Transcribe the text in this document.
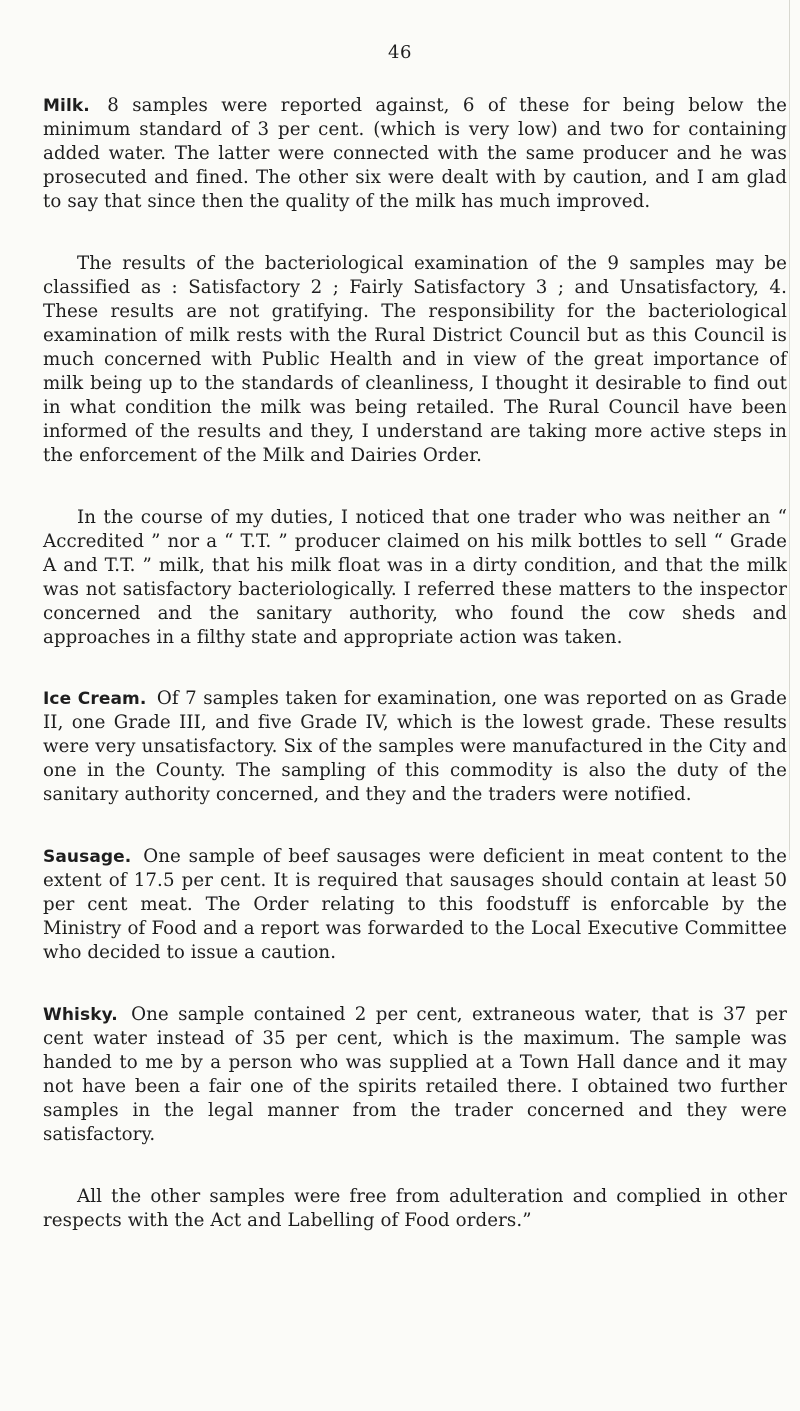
46

Milk. 8 samples were reported against, 6 of these for being below the minimum standard of 3 per cent. (which is very low) and two for containing added water. The latter were connected with the same producer and he was prosecuted and fined. The other six were dealt with by caution, and I am glad to say that since then the quality of the milk has much improved.

The results of the bacteriological examination of the 9 samples may be classified as : Satisfactory 2 ; Fairly Satisfactory 3 ; and Unsatisfactory, 4. These results are not gratifying. The responsibility for the bacteriological examination of milk rests with the Rural District Council but as this Council is much concerned with Public Health and in view of the great importance of milk being up to the standards of cleanliness, I thought it desirable to find out in what condition the milk was being retailed. The Rural Council have been informed of the results and they, I understand are taking more active steps in the enforcement of the Milk and Dairies Order.

In the course of my duties, I noticed that one trader who was neither an “ Accredited ” nor a “ T.T. ” producer claimed on his milk bottles to sell “ Grade A and T.T. ” milk, that his milk float was in a dirty condition, and that the milk was not satisfactory bacteriologically. I referred these matters to the inspector concerned and the sanitary authority, who found the cow sheds and approaches in a filthy state and appropriate action was taken.

Ice Cream. Of 7 samples taken for examination, one was reported on as Grade II, one Grade III, and five Grade IV, which is the lowest grade. These results were very unsatisfactory. Six of the samples were manufactured in the City and one in the County. The sampling of this commodity is also the duty of the sanitary authority concerned, and they and the traders were notified.

Sausage. One sample of beef sausages were deficient in meat content to the extent of 17.5 per cent. It is required that sausages should contain at least 50 per cent meat. The Order relating to this foodstuff is enforcable by the Ministry of Food and a report was forwarded to the Local Executive Committee who decided to issue a caution.

Whisky. One sample contained 2 per cent, extraneous water, that is 37 per cent water instead of 35 per cent, which is the maximum. The sample was handed to me by a person who was supplied at a Town Hall dance and it may not have been a fair one of the spirits retailed there. I obtained two further samples in the legal manner from the trader concerned and they were satisfactory.

All the other samples were free from adulteration and complied in other respects with the Act and Labelling of Food orders.”
